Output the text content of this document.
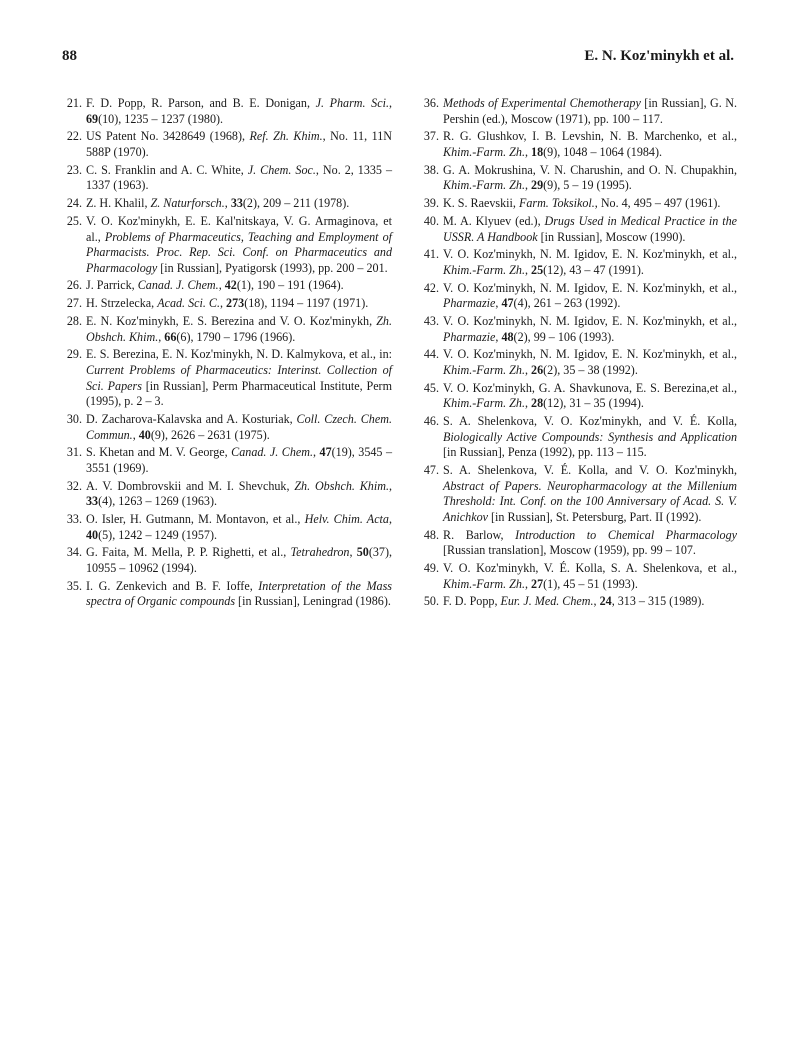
88	E. N. Koz'minykh et al.
21. F. D. Popp, R. Parson, and B. E. Donigan, J. Pharm. Sci., 69(10), 1235 – 1237 (1980).
22. US Patent No. 3428649 (1968), Ref. Zh. Khim., No. 11, 11N 588P (1970).
23. C. S. Franklin and A. C. White, J. Chem. Soc., No. 2, 1335 – 1337 (1963).
24. Z. H. Khalil, Z. Naturforsch., 33(2), 209 – 211 (1978).
25. V. O. Koz'minykh, E. E. Kal'nitskaya, V. G. Armaginova, et al., Problems of Pharmaceutics, Teaching and Employment of Pharmacists. Proc. Rep. Sci. Conf. on Pharmaceutics and Pharmacology [in Russian], Pyatigorsk (1993), pp. 200 – 201.
26. J. Parrick, Canad. J. Chem., 42(1), 190 – 191 (1964).
27. H. Strzelecka, Acad. Sci. C., 273(18), 1194 – 1197 (1971).
28. E. N. Koz'minykh, E. S. Berezina and V. O. Koz'minykh, Zh. Obshch. Khim., 66(6), 1790 – 1796 (1966).
29. E. S. Berezina, E. N. Koz'minykh, N. D. Kalmykova, et al., in: Current Problems of Pharmaceutics: Interinst. Collection of Sci. Papers [in Russian], Perm Pharmaceutical Institute, Perm (1995), p. 2 – 3.
30. D. Zacharova-Kalavska and A. Kosturiak, Coll. Czech. Chem. Commun., 40(9), 2626 – 2631 (1975).
31. S. Khetan and M. V. George, Canad. J. Chem., 47(19), 3545 – 3551 (1969).
32. A. V. Dombrovskii and M. I. Shevchuk, Zh. Obshch. Khim., 33(4), 1263 – 1269 (1963).
33. O. Isler, H. Gutmann, M. Montavon, et al., Helv. Chim. Acta, 40(5), 1242 – 1249 (1957).
34. G. Faita, M. Mella, P. P. Righetti, et al., Tetrahedron, 50(37), 10955 – 10962 (1994).
35. I. G. Zenkevich and B. F. Ioffe, Interpretation of the Mass spectra of Organic compounds [in Russian], Leningrad (1986).
36. Methods of Experimental Chemotherapy [in Russian], G. N. Pershin (ed.), Moscow (1971), pp. 100 – 117.
37. R. G. Glushkov, I. B. Levshin, N. B. Marchenko, et al., Khim.-Farm. Zh., 18(9), 1048 – 1064 (1984).
38. G. A. Mokrushina, V. N. Charushin, and O. N. Chupakhin, Khim.-Farm. Zh., 29(9), 5 – 19 (1995).
39. K. S. Raevskii, Farm. Toksikol., No. 4, 495 – 497 (1961).
40. M. A. Klyuev (ed.), Drugs Used in Medical Practice in the USSR. A Handbook [in Russian], Moscow (1990).
41. V. O. Koz'minykh, N. M. Igidov, E. N. Koz'minykh, et al., Khim.-Farm. Zh., 25(12), 43 – 47 (1991).
42. V. O. Koz'minykh, N. M. Igidov, E. N. Koz'minykh, et al., Pharmazie, 47(4), 261 – 263 (1992).
43. V. O. Koz'minykh, N. M. Igidov, E. N. Koz'minykh, et al., Pharmazie, 48(2), 99 – 106 (1993).
44. V. O. Koz'minykh, N. M. Igidov, E. N. Koz'minykh, et al., Khim.-Farm. Zh., 26(2), 35 – 38 (1992).
45. V. O. Koz'minykh, G. A. Shavkunova, E. S. Berezina,et al., Khim.-Farm. Zh., 28(12), 31 – 35 (1994).
46. S. A. Shelenkova, V. O. Koz'minykh, and V. É. Kolla, Biologically Active Compounds: Synthesis and Application [in Russian], Penza (1992), pp. 113 – 115.
47. S. A. Shelenkova, V. É. Kolla, and V. O. Koz'minykh, Abstract of Papers. Neuropharmacology at the Millenium Threshold: Int. Conf. on the 100 Anniversary of Acad. S. V. Anichkov [in Russian], St. Petersburg, Part. II (1992).
48. R. Barlow, Introduction to Chemical Pharmacology [Russian translation], Moscow (1959), pp. 99 – 107.
49. V. O. Koz'minykh, V. É. Kolla, S. A. Shelenkova, et al., Khim.-Farm. Zh., 27(1), 45 – 51 (1993).
50. F. D. Popp, Eur. J. Med. Chem., 24, 313 – 315 (1989).
